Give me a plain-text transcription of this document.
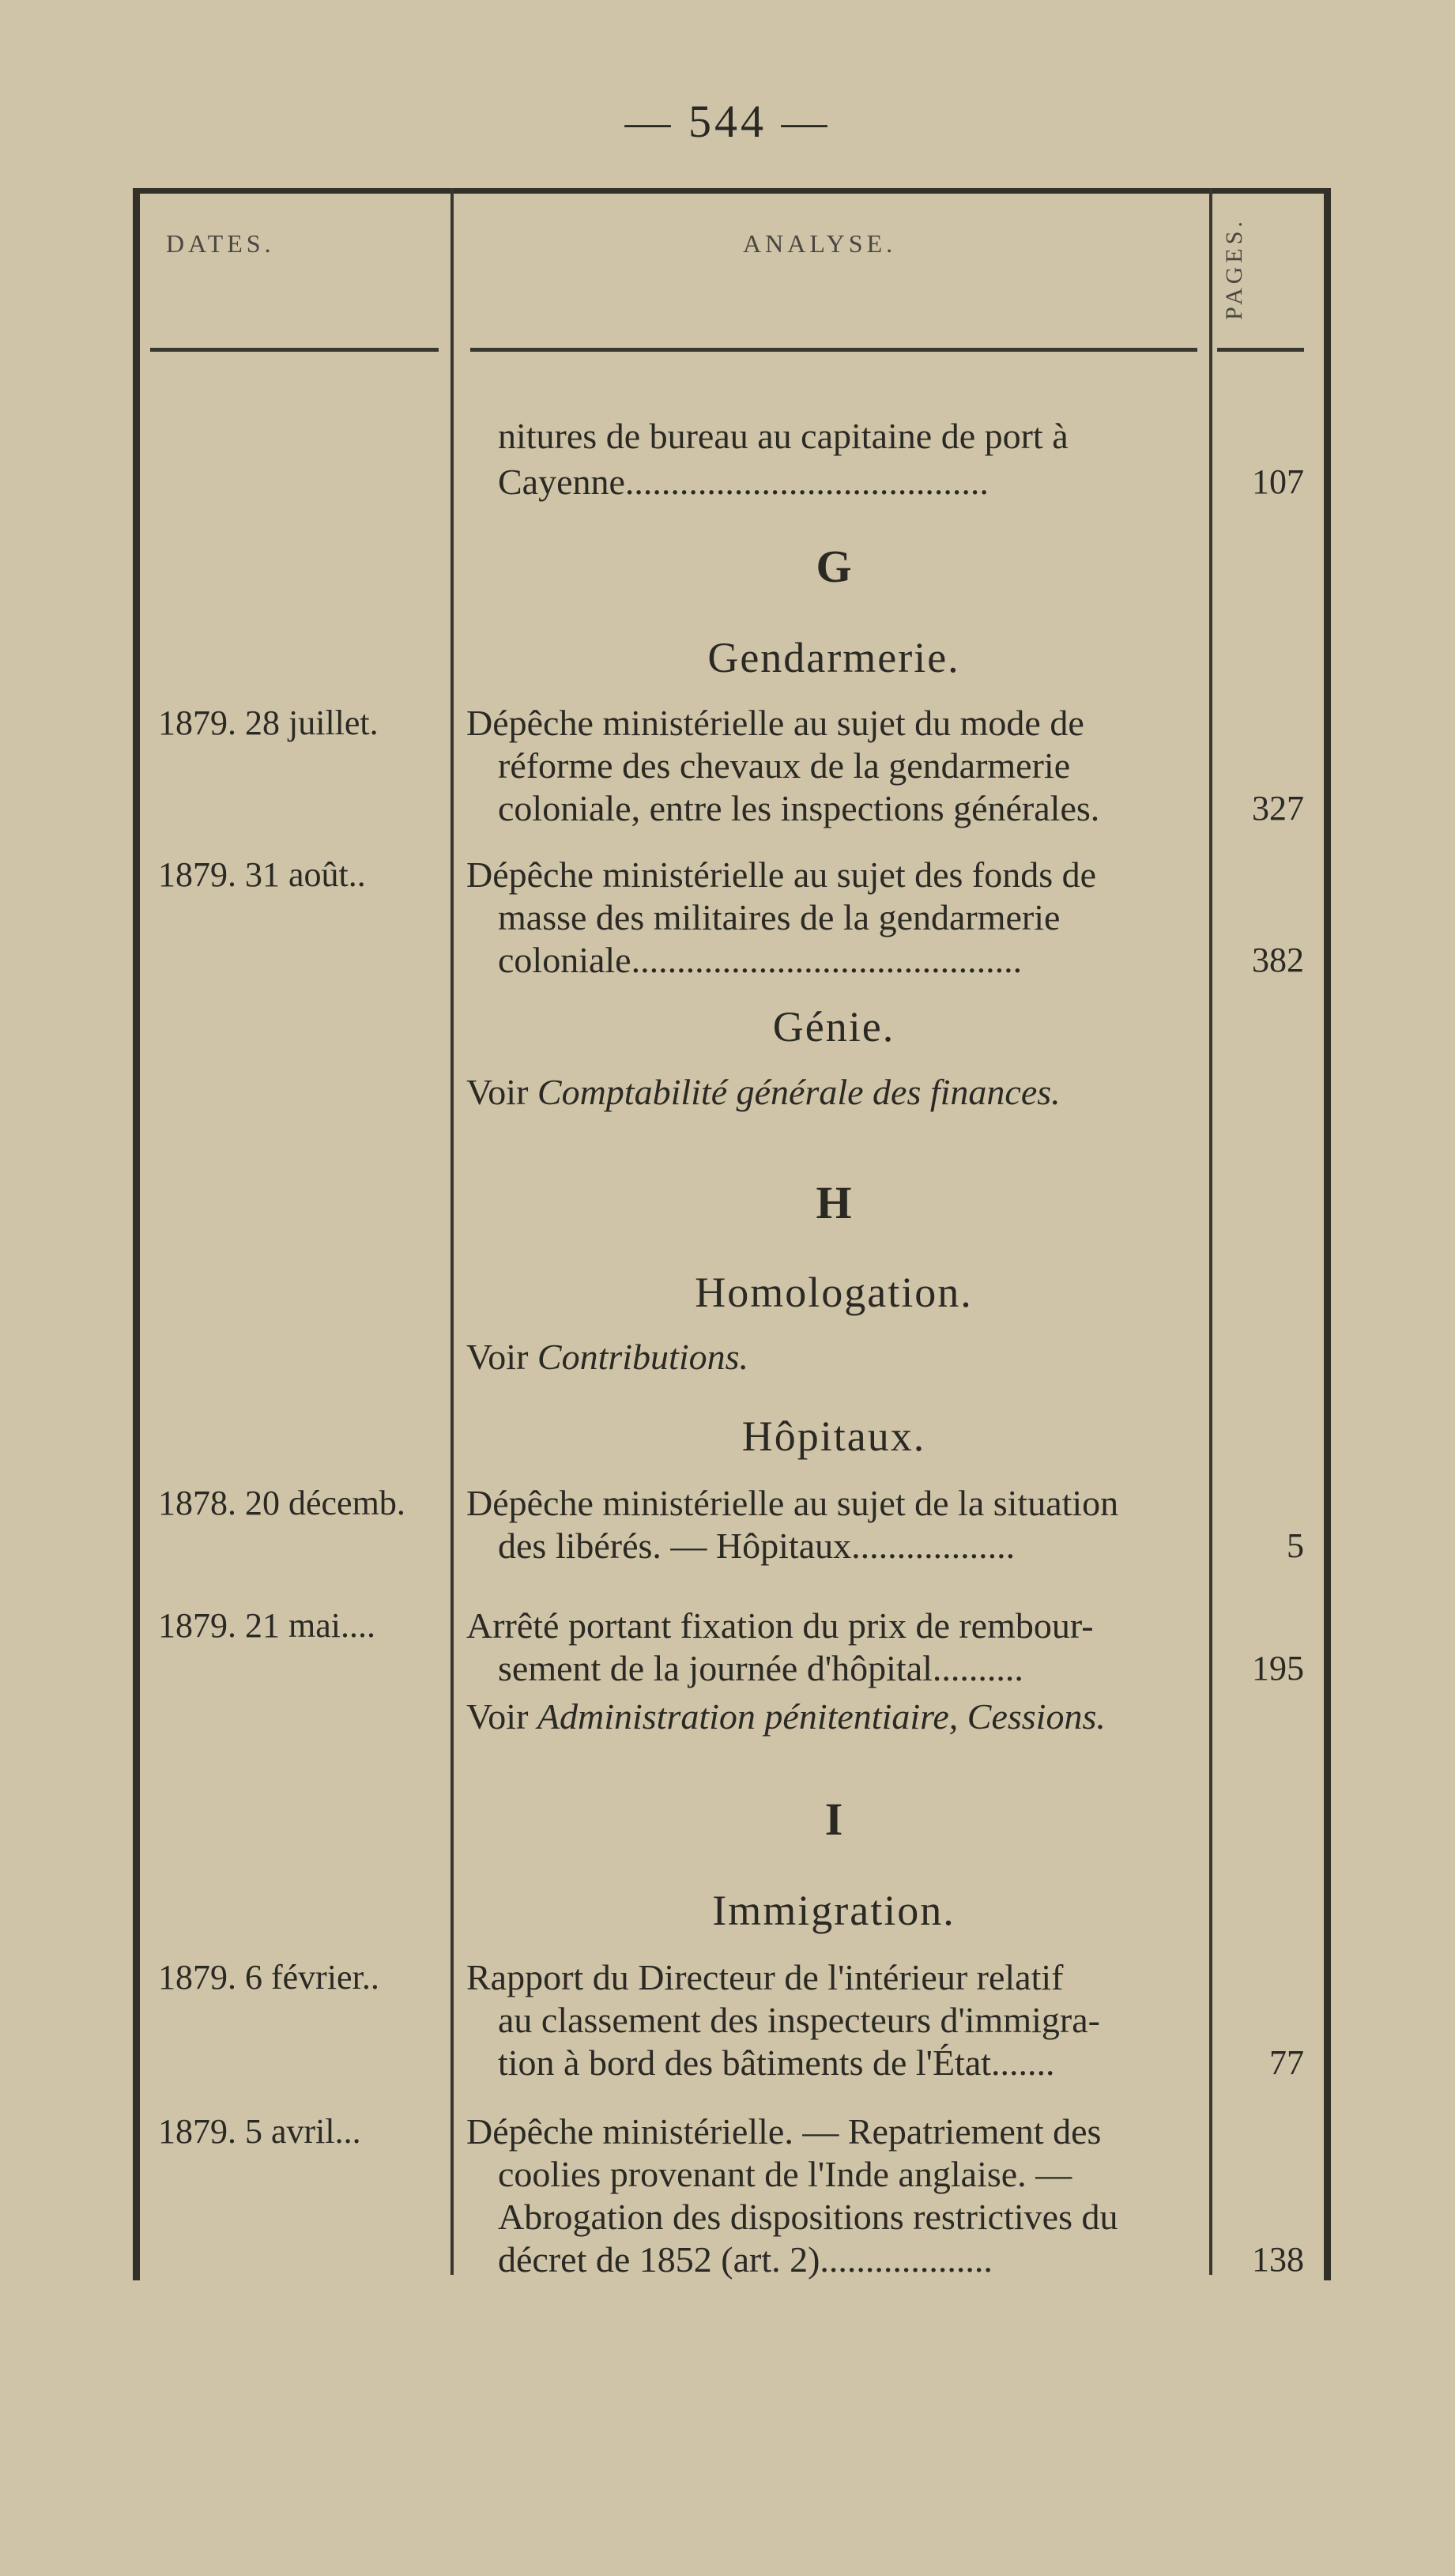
— 544 —
DATES.	ANALYSE.	PAGES.
nitures de bureau au capitaine de port à
Cayenne........................................	107
G
Gendarmerie.
1879. 28 juillet. Dépêche ministérielle au sujet du mode de
réforme des chevaux de la gendarmerie
coloniale, entre les inspections générales.	327
1879. 31 août..	Dépêche ministérielle au sujet des fonds de
masse des militaires de la gendarmerie
coloniale...........................................	382
Génie.
Voir Comptabilité générale des finances.
H
Homologation.
Voir Contributions.
Hôpitaux.
1878. 20 décemb. Dépêche ministérielle au sujet de la situation
des libérés. — Hôpitaux..................	5
1879. 21 mai....	Arrêté portant fixation du prix de rembour-
sement de la journée d'hôpital..........	195
Voir Administration pénitentiaire, Cessions.
I
Immigration.
1879. 6 février.. Rapport du Directeur de l'intérieur relatif
au classement des inspecteurs d'immigra-
tion à bord des bâtiments de l'État.......	77
1879. 5 avril...	Dépêche ministérielle. — Repatriement des
coolies provenant de l'Inde anglaise. —
Abrogation des dispositions restrictives du
décret de 1852 (art. 2)...................	138
